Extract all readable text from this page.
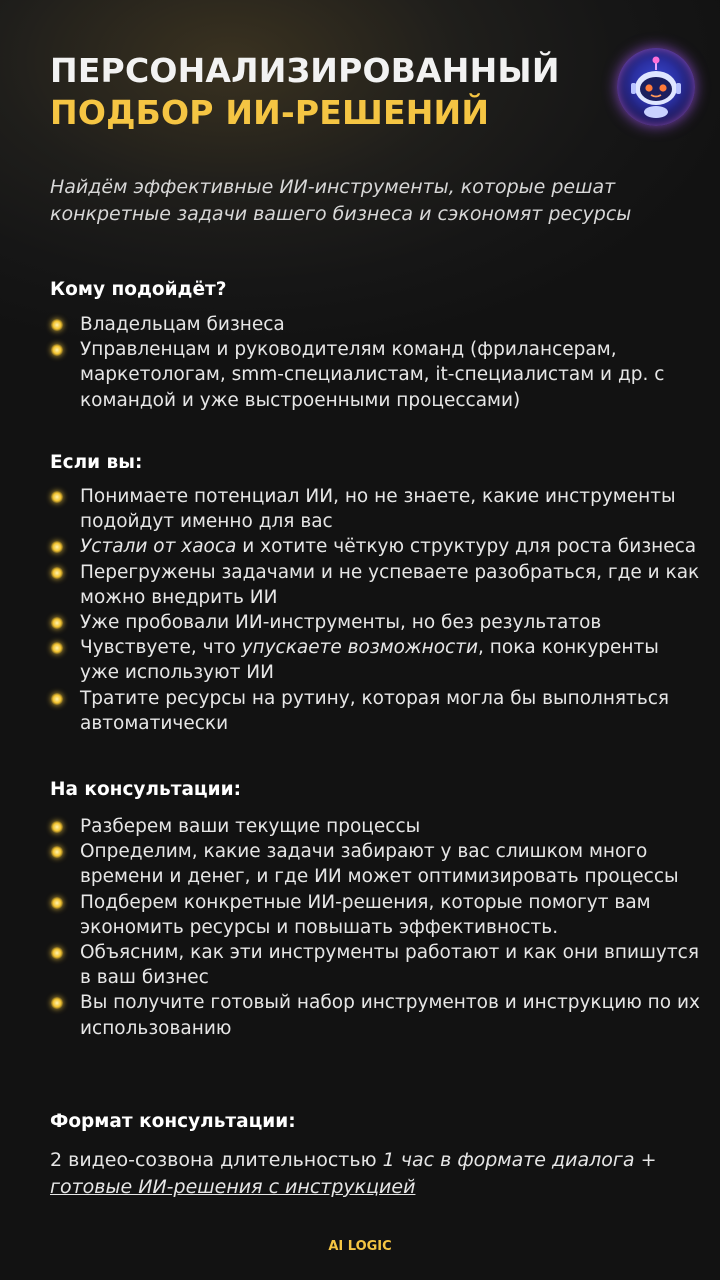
ПЕРСОНАЛИЗИРОВАННЫЙ
ПОДБОР ИИ-РЕШЕНИЙ
Найдём эффективные ИИ-инструменты, которые решат конкретные задачи вашего бизнеса и сэкономят ресурсы
Кому подойдёт?
Владельцам бизнеса
Управленцам и руководителям команд (фрилансерам, маркетологам, smm-специалистам, it-специалистам и др. с командой и уже выстроенными процессами)
Если вы:
Понимаете потенциал ИИ, но не знаете, какие инструменты подойдут именно для вас
Устали от хаоса и хотите чёткую структуру для роста бизнеса
Перегружены задачами и не успеваете разобраться, где и как можно внедрить ИИ
Уже пробовали ИИ-инструменты, но без результатов
Чувствуете, что упускаете возможности, пока конкуренты уже используют ИИ
Тратите ресурсы на рутину, которая могла бы выполняться автоматически
На консультации:
Разберем ваши текущие процессы
Определим, какие задачи забирают у вас слишком много времени и денег, и где ИИ может оптимизировать процессы
Подберем конкретные ИИ-решения, которые помогут вам экономить ресурсы и повышать эффективность.
Объясним, как эти инструменты работают и как они впишутся в ваш бизнес
Вы получите готовый набор инструментов и инструкцию по их использованию
Формат консультации:
2 видео-созвона длительностью 1 час в формате диалога + готовые ИИ-решения с инструкцией
AI LOGIC
